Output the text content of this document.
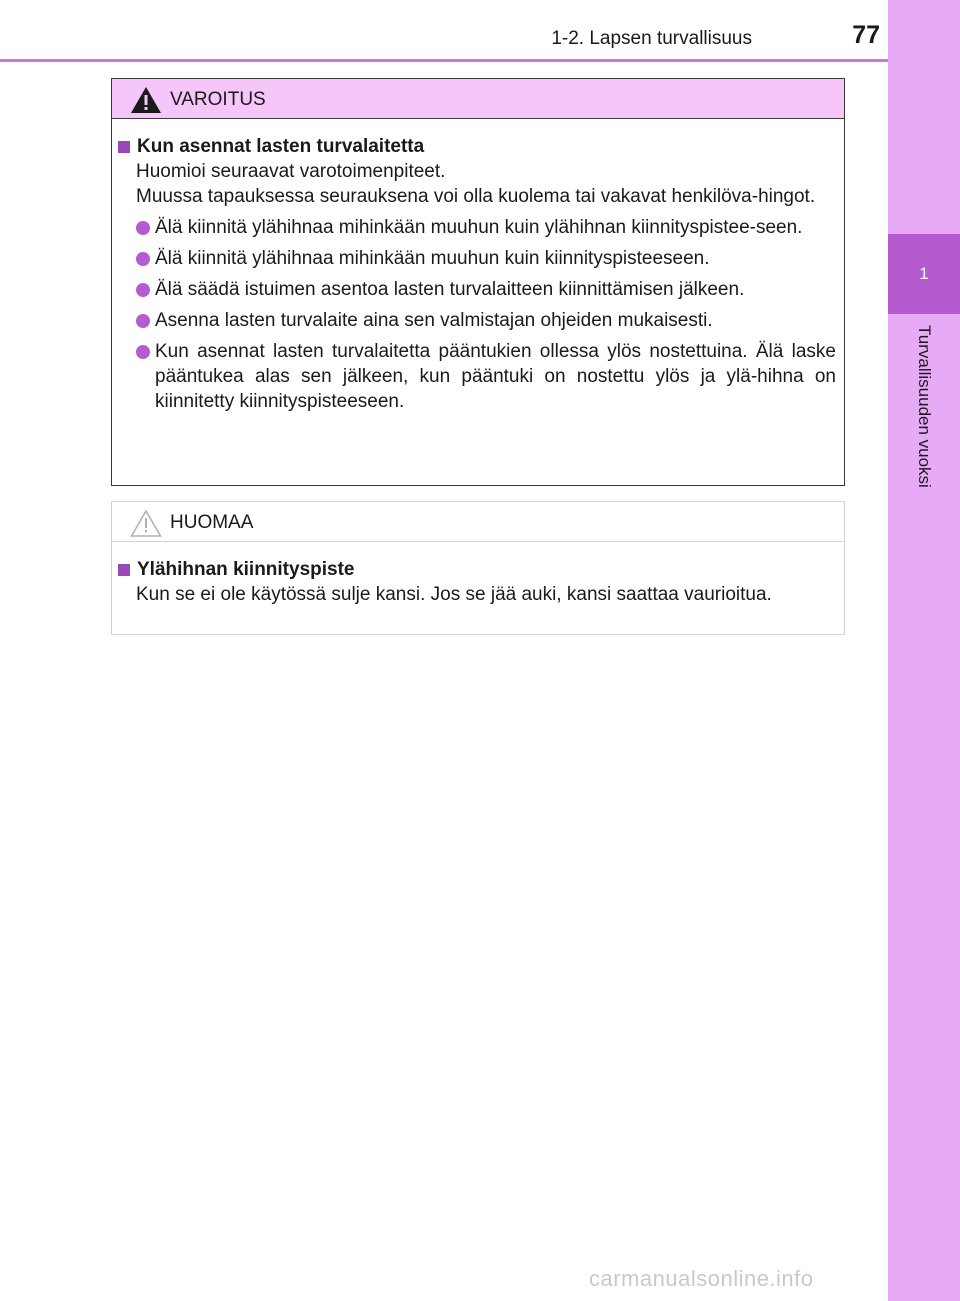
1-2. Lapsen turvallisuus	77
1
Turvallisuuden vuoksi
VAROITUS
Kun asennat lasten turvalaitetta
Huomioi seuraavat varotoimenpiteet.
Muussa tapauksessa seurauksena voi olla kuolema tai vakavat henkilöva-hingot.
Älä kiinnitä ylähihnaa mihinkään muuhun kuin ylähihnan kiinnityspistee-seen.
Älä kiinnitä ylähihnaa mihinkään muuhun kuin kiinnityspisteeseen.
Älä säädä istuimen asentoa lasten turvalaitteen kiinnittämisen jälkeen.
Asenna lasten turvalaite aina sen valmistajan ohjeiden mukaisesti.
Kun asennat lasten turvalaitetta pääntukien ollessa ylös nostettuina. Älä laske pääntukea alas sen jälkeen, kun pääntuki on nostettu ylös ja ylä-hihna on kiinnitetty kiinnityspisteeseen.
HUOMAA
Ylähihnan kiinnityspiste
Kun se ei ole käytössä sulje kansi. Jos se jää auki, kansi saattaa vaurioitua.
carmanualsonline.info
